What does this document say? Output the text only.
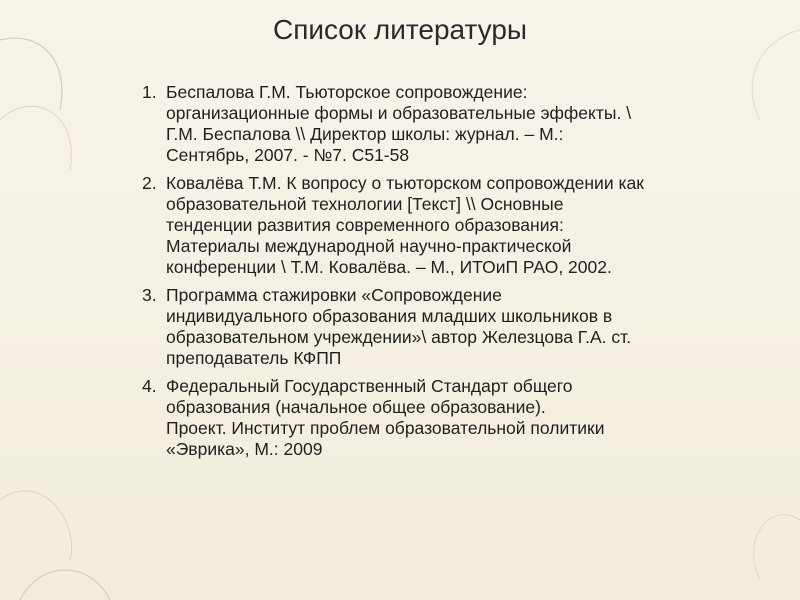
Список литературы
1. Беспалова Г.М. Тьюторское сопровождение:
организационные формы и образовательные эффекты. \
Г.М. Беспалова \\ Директор школы: журнал. – М.:
Сентябрь, 2007. - №7. С51-58
2. Ковалёва Т.М. К вопросу о тьюторском сопровождении как
образовательной технологии [Текст] \\ Основные
тенденции развития современного образования:
Материалы международной научно-практической
конференции \ Т.М. Ковалёва. – М., ИТОиП РАО, 2002.
3. Программа стажировки «Сопровождение
индивидуального образования младших школьников в
образовательном учреждении»\ автор Железцова Г.А. ст.
преподаватель КФПП
4. Федеральный Государственный Стандарт общего
образования (начальное общее образование).
Проект. Институт проблем образовательной политики
«Эврика», М.: 2009
